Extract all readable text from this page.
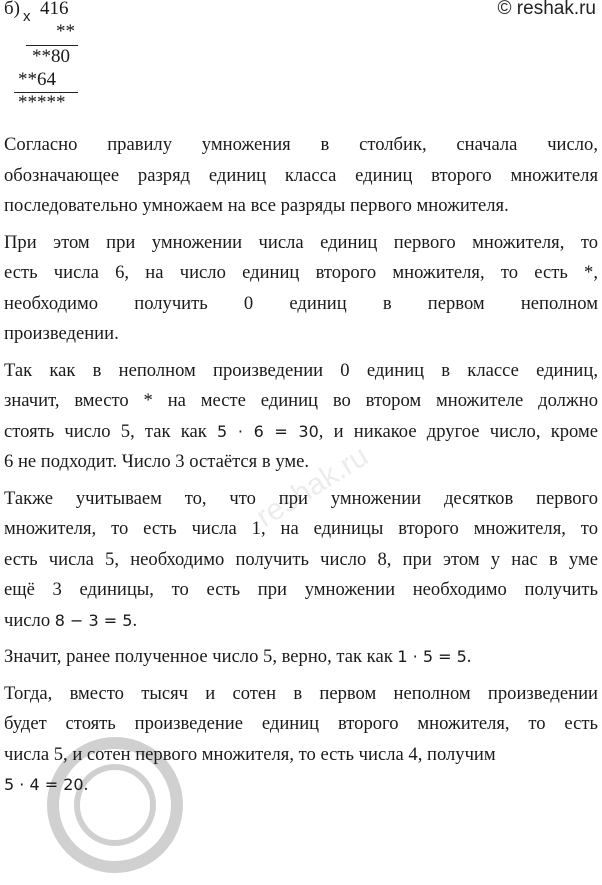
б) $_x$	© reshak.ru
416
**
**80
**64
*****
reshak.ru

Согласно правилу умножения в столбик, сначала число,

обозначающее разряд единиц класса единиц второго множителя

последовательно умножаем на все разряды первого множителя.

При этом при умножении числа единиц первого множителя, то

есть числа 6, на число единиц второго множителя, то есть *,

необходимо получить 0 единиц в первом неполном

произведении.

Так как в неполном произведении 0 единиц в классе единиц,

значит, вместо * на месте единиц во втором множителе должно

стоять число 5, так как 5 · 6 = 30, и никакое другое число, кроме

6 не подходит. Число 3 остаётся в уме.

Также учитываем то, что при умножении десятков первого

множителя, то есть числа 1, на единицы второго множителя, то

есть числа 5, необходимо получить число 8, при этом у нас в уме

ещё 3 единицы, то есть при умножении необходимо получить

число 8 − 3 = 5.

Значит, ранее полученное число 5, верно, так как 1 · 5 = 5.

Тогда, вместо тысяч и сотен в первом неполном произведении

будет стоять произведение единиц второго множителя, то есть

числа 5, и сотен первого множителя, то есть числа 4, получим

5 · 4 = 20.
